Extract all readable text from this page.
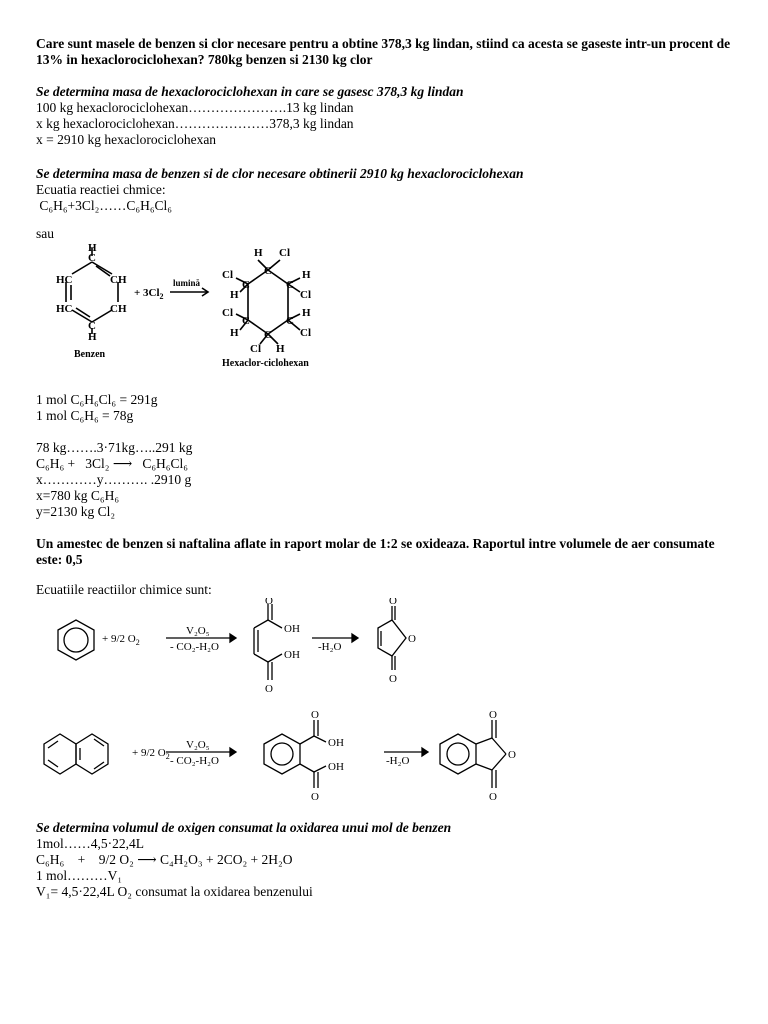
Care sunt masele de benzen si clor necesare pentru a obtine 378,3 kg lindan, stiind ca acesta se gaseste intr-un procent de 13% in hexaclorociclohexan? 780kg benzen si 2130 kg clor

Se determina masa de hexaclorociclohexan in care se gasesc 378,3 kg lindan

100 kg hexaclorociclohexan………………….13 kg lindan

x kg hexaclorociclohexan…………………378,3 kg lindan

x = 2910 kg hexaclorociclohexan

Se determina masa de benzen si de clor necesare obtinerii 2910 kg hexaclorociclohexan

Ecuatia reactiei chmice:

C₆H₆+3Cl₂……C₆H₆Cl₆

sau

H
C
HC	CH
HC	CH
C
H
Benzen
+ $3Cl_2$
lumină
H Cl
C
Cl	H
C	C
H	Cl
Cl	H
C	C
H	Cl
C
Cl H
Hexaclor-ciclohexan

1 mol C₆H₆Cl₆ = 291g

1 mol C₆H₆ = 78g

78 kg…….3·71kg…..291 kg

C₆H₆ +   3Cl₂ ⟶   C₆H₆Cl₆

x…………y………. .2910 g

x=780 kg C₆H₆

y=2130 kg Cl₂

Un amestec de benzen si naftalina aflate in raport molar de 1:2 se oxideaza. Raportul intre volumele de aer consumate este: 0,5

Ecuatiile reactiilor chimice sunt:

+ 9/2 $O_2$
V₂O₅
- CO₂-H₂O
O
OH
OH
O
-H₂O
O
O
O
+ 9/2 $O_2$
V₂O₅
- CO₂-H₂O
O
OH
OH
O
-H₂O
O
O
O

Se determina volumul de oxigen consumat la oxidarea unui mol de benzen

1mol……4,5·22,4L

C₆H₆    +    9/2 O₂ ⟶ C₄H₂O₃ + 2CO₂ + 2H₂O

1 mol………V₁

V₁= 4,5·22,4L O₂ consumat la oxidarea benzenului
